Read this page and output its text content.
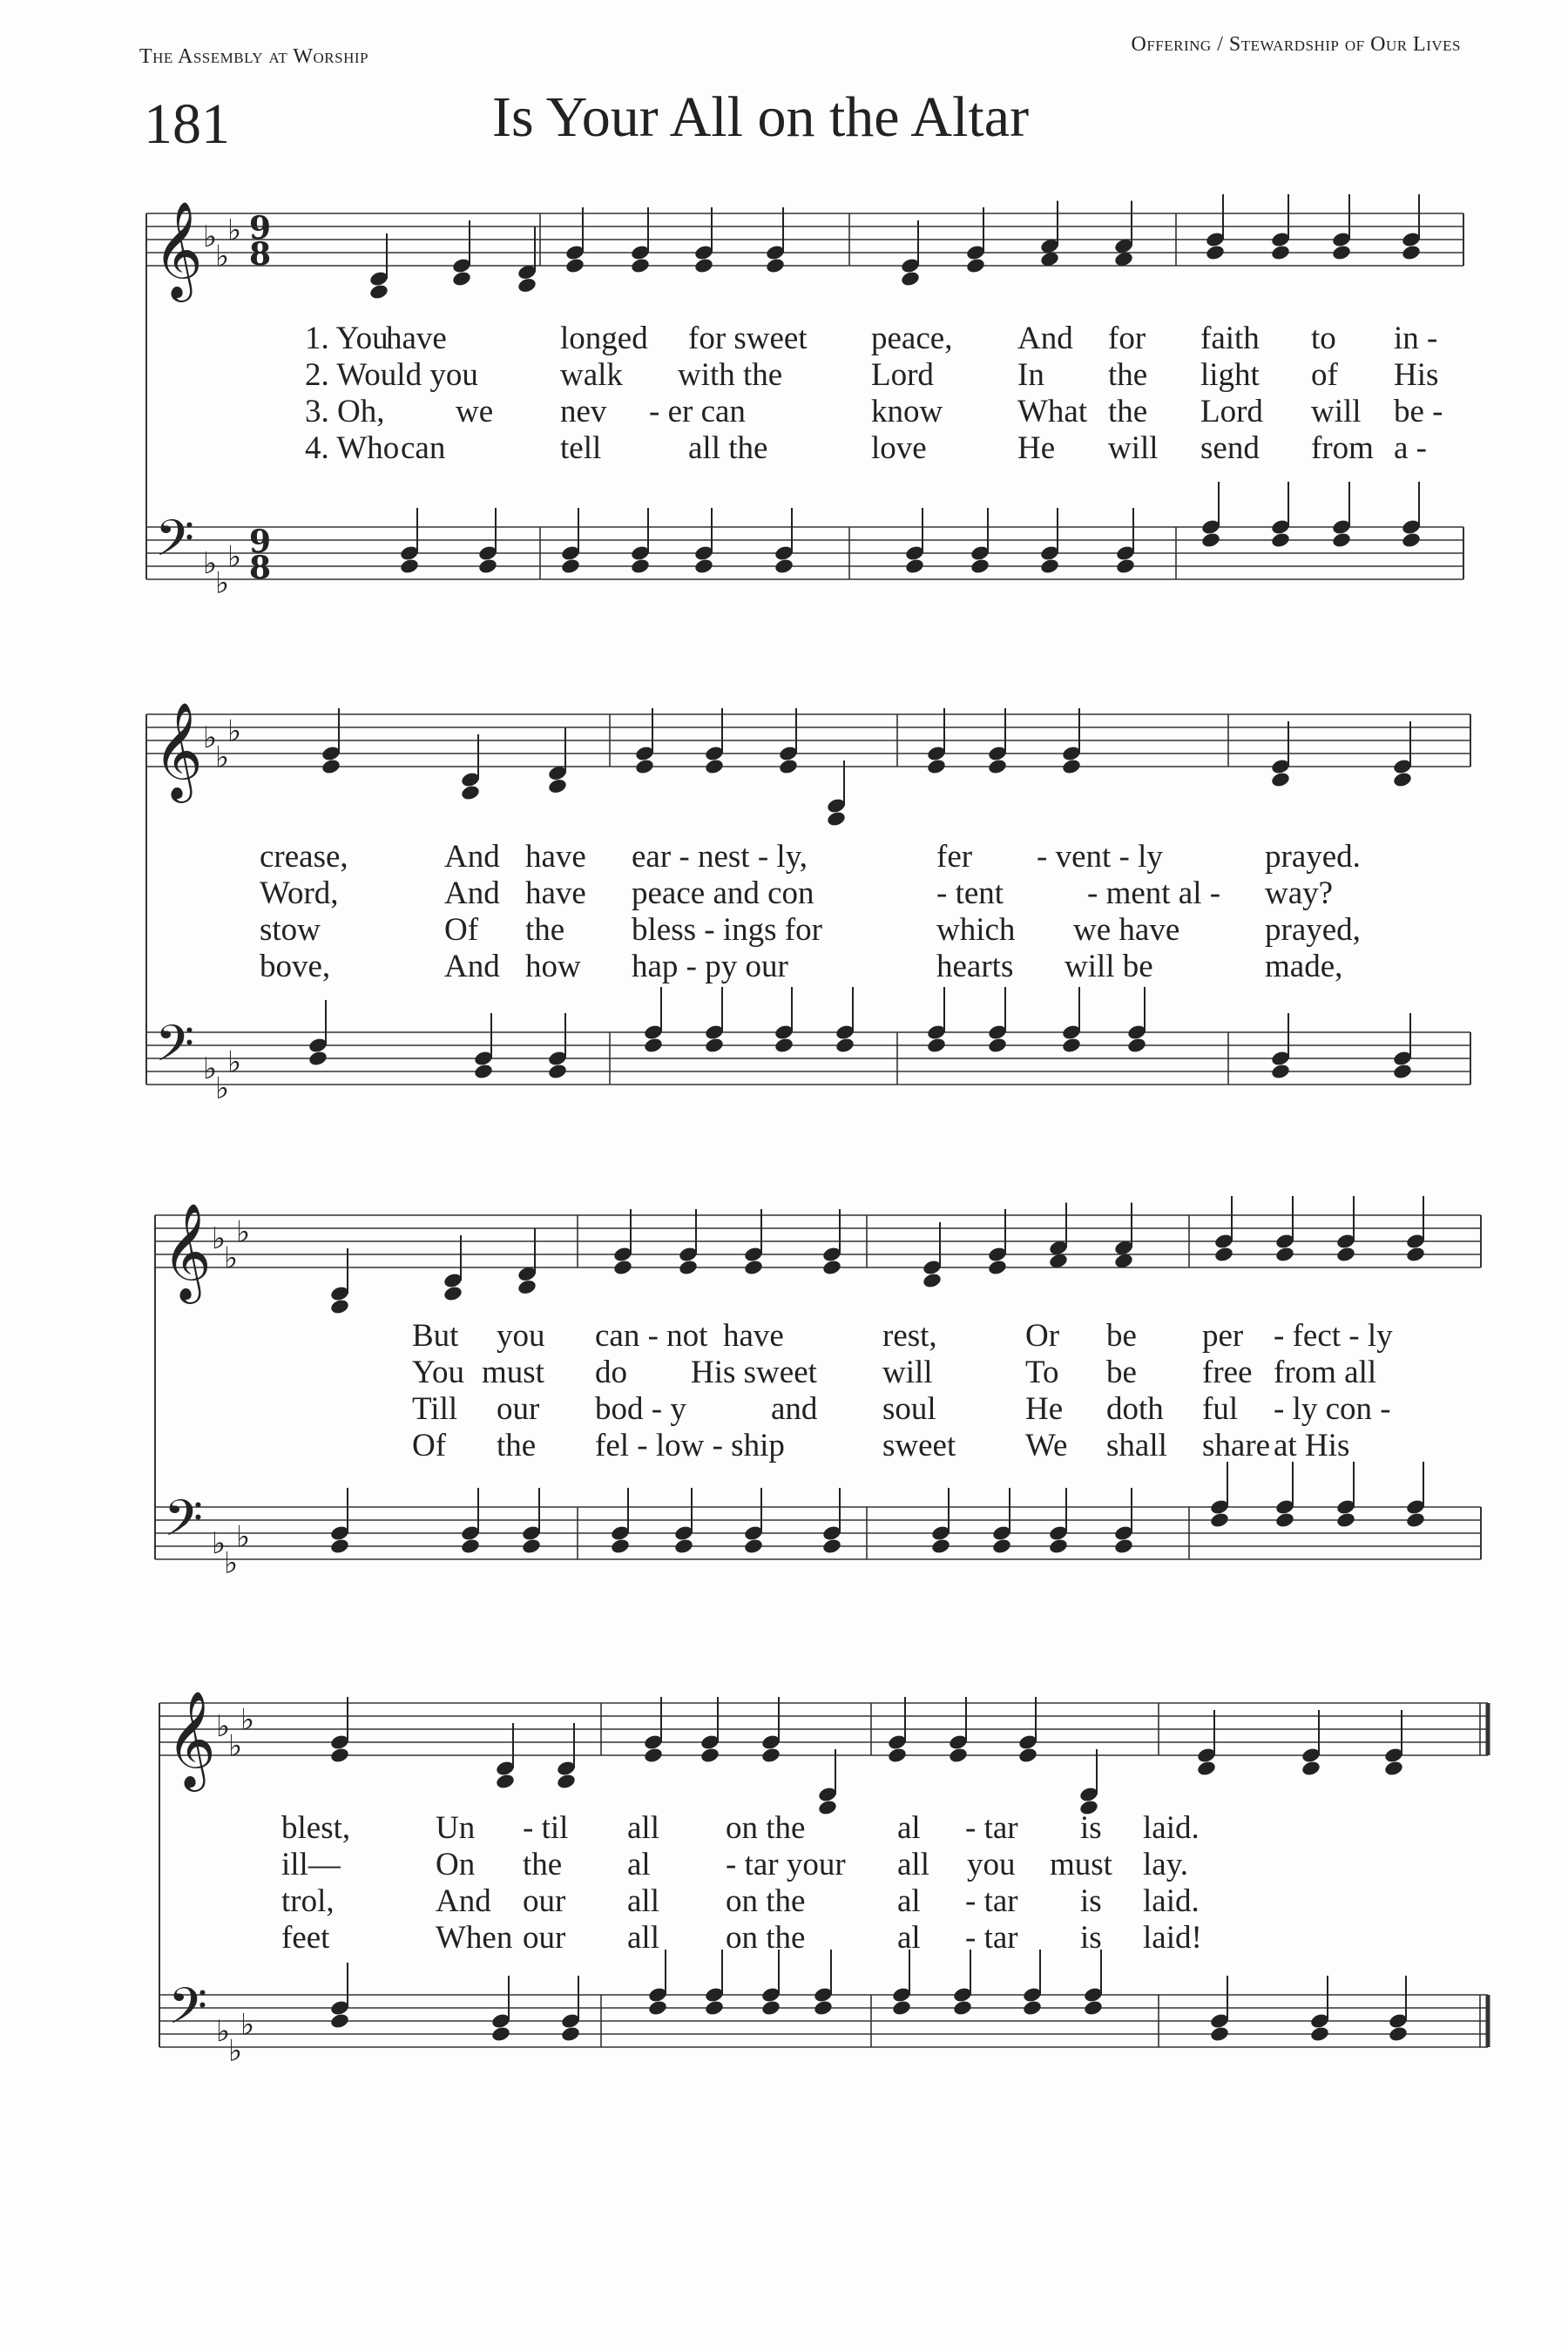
The Assembly at Worship
Offering / Stewardship of Our Lives
181	Is Your All on the Altar
𝄞
𝄢
♭
♭
♭
♭
♭
♭
9
8
9
8
1. You
have	longed for sweet peace, And for faith to in -
2. Would you	walk with the	Lord	In the light of His
3. Oh, we nev - er can	know What the Lord will be -
4. Who can	tell	all the	love	He will send from a -
𝄞
𝄢
♭
♭
♭
♭
♭
♭
crease,	And have ear - nest - ly,	fer - vent - ly	prayed.
Word,	And have peace and con	- tent	- ment al - way?
stow	Of the bless - ings for	which we have	prayed,
bove,	And how hap - py our	hearts will be	made,
𝄞
𝄢
♭
♭
♭
♭
♭
♭
But you can - not have	rest,	Or be per - fect - ly
You must do His sweet will	To be free from all
Till our bod - y	and soul	He doth ful - ly con -
Of the fel - low - ship	sweet We shall share at His
𝄞
𝄢
♭
♭
♭
♭
♭
♭
blest,	Un - til all on the	al - tar is laid.
ill—	On the al - tar your all you must lay.
trol,	And our all on the	al - tar is laid.
feet	When our all on the	al - tar is laid!
